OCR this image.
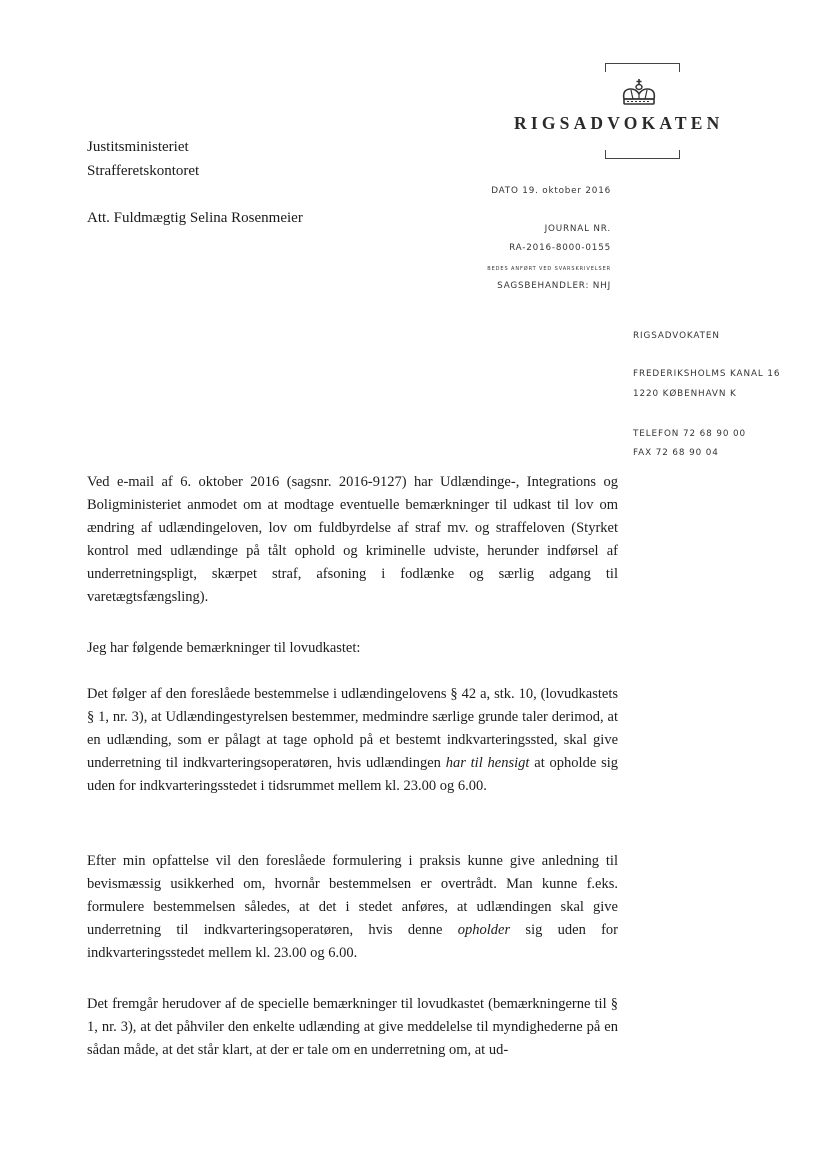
RIGSADVOKATEN
Justitsministeriet
Strafferetskontoret
Att. Fuldmægtig Selina Rosenmeier
DATO 19. oktober 2016
JOURNAL NR.
RA-2016-8000-0155
BEDES ANFØRT VED SVARSKRIVELSER
SAGSBEHANDLER: NHJ
RIGSADVOKATEN
FREDERIKSHOLMS KANAL 16
1220 KØBENHAVN K
TELEFON 72 68 90 00
FAX 72 68 90 04
Ved e-mail af 6. oktober 2016 (sagsnr. 2016-9127) har Udlændinge-, Integrations og Boligministeriet anmodet om at modtage eventuelle bemærkninger til udkast til lov om ændring af udlændingeloven, lov om fuldbyrdelse af straf mv. og straffeloven (Styrket kontrol med udlændinge på tålt ophold og kriminelle udviste, herunder indførsel af underretningspligt, skærpet straf, afsoning i fodlænke og særlig adgang til varetægtsfængsling).
Jeg har følgende bemærkninger til lovudkastet:
Det følger af den foreslåede bestemmelse i udlændingelovens § 42 a, stk. 10, (lovudkastets § 1, nr. 3), at Udlændingestyrelsen bestemmer, medmindre særlige grunde taler derimod, at en udlænding, som er pålagt at tage ophold på et bestemt indkvarteringssted, skal give underretning til indkvarteringsoperatøren, hvis udlændingen har til hensigt at opholde sig uden for indkvarteringsstedet i tidsrummet mellem kl. 23.00 og 6.00.
Efter min opfattelse vil den foreslåede formulering i praksis kunne give anledning til bevismæssig usikkerhed om, hvornår bestemmelsen er overtrådt. Man kunne f.eks. formulere bestemmelsen således, at det i stedet anføres, at udlændingen skal give underretning til indkvarteringsoperatøren, hvis denne opholder sig uden for indkvarteringsstedet mellem kl. 23.00 og 6.00.
Det fremgår herudover af de specielle bemærkninger til lovudkastet (bemærkningerne til § 1, nr. 3), at det påhviler den enkelte udlænding at give meddelelse til myndighederne på en sådan måde, at det står klart, at der er tale om en underretning om, at ud-
